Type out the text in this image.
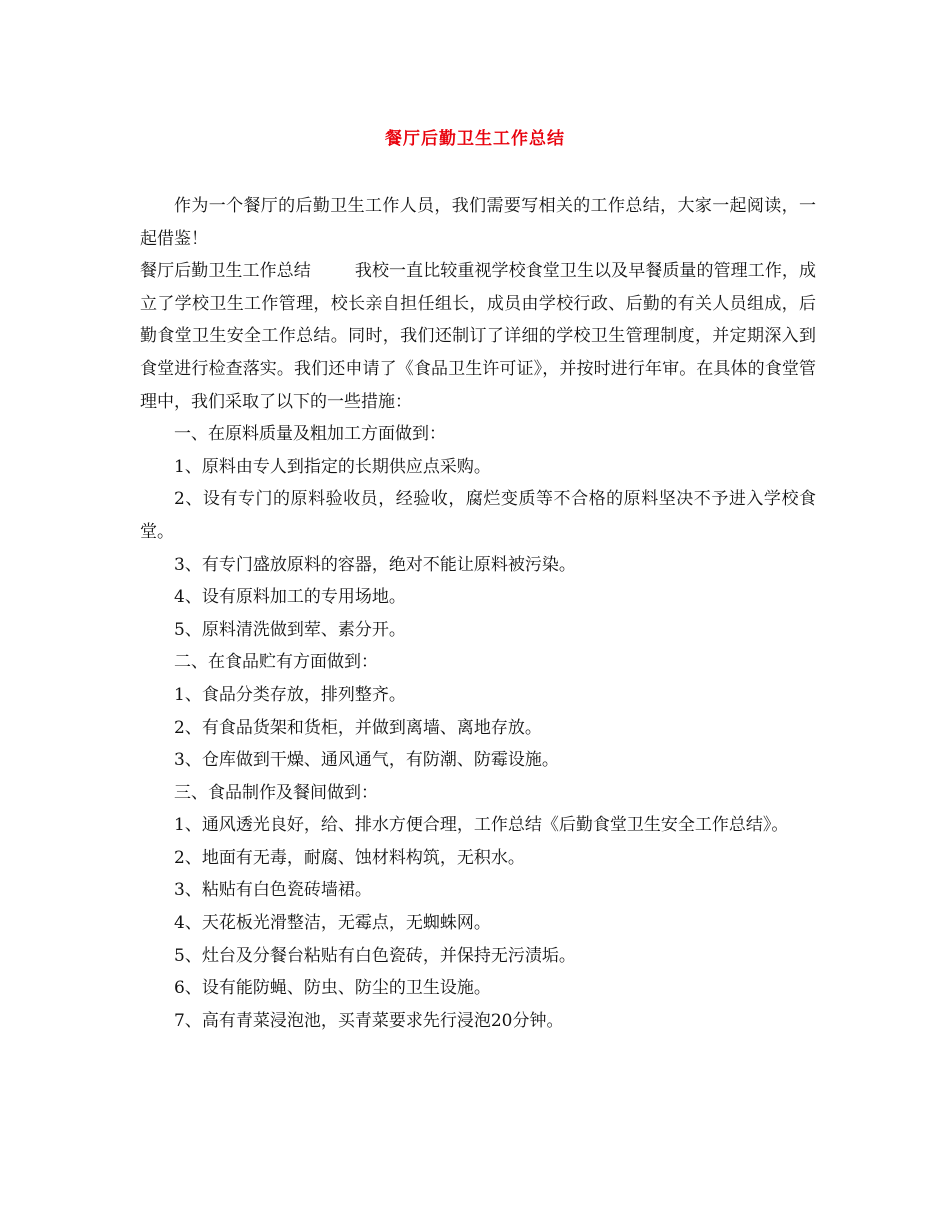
餐厅后勤卫生工作总结

作为一个餐厅的后勤卫生工作人员，我们需要写相关的工作总结，大家一起阅读，一起借鉴！

餐厅后勤卫生工作总结	我校一直比较重视学校食堂卫生以及早餐质量的管理工作，成立了学校卫生工作管理，校长亲自担任组长，成员由学校行政、后勤的有关人员组成，后勤食堂卫生安全工作总结。同时，我们还制订了详细的学校卫生管理制度，并定期深入到食堂进行检查落实。我们还申请了《食品卫生许可证》，并按时进行年审。在具体的食堂管理中，我们采取了以下的一些措施：

一、在原料质量及粗加工方面做到：

1、原料由专人到指定的长期供应点采购。

2、设有专门的原料验收员，经验收，腐烂变质等不合格的原料坚决不予进入学校食堂。

3、有专门盛放原料的容器，绝对不能让原料被污染。

4、设有原料加工的专用场地。

5、原料清洗做到荤、素分开。

二、在食品贮有方面做到：

1、食品分类存放，排列整齐。

2、有食品货架和货柜，并做到离墙、离地存放。

3、仓库做到干燥、通风通气，有防潮、防霉设施。

三、食品制作及餐间做到：

1、通风透光良好，给、排水方便合理，工作总结《后勤食堂卫生安全工作总结》。

2、地面有无毒，耐腐、蚀材料构筑，无积水。

3、粘贴有白色瓷砖墙裙。

4、天花板光滑整洁，无霉点，无蜘蛛网。

5、灶台及分餐台粘贴有白色瓷砖，并保持无污渍垢。

6、设有能防蝇、防虫、防尘的卫生设施。

7、高有青菜浸泡池，买青菜要求先行浸泡20分钟。
